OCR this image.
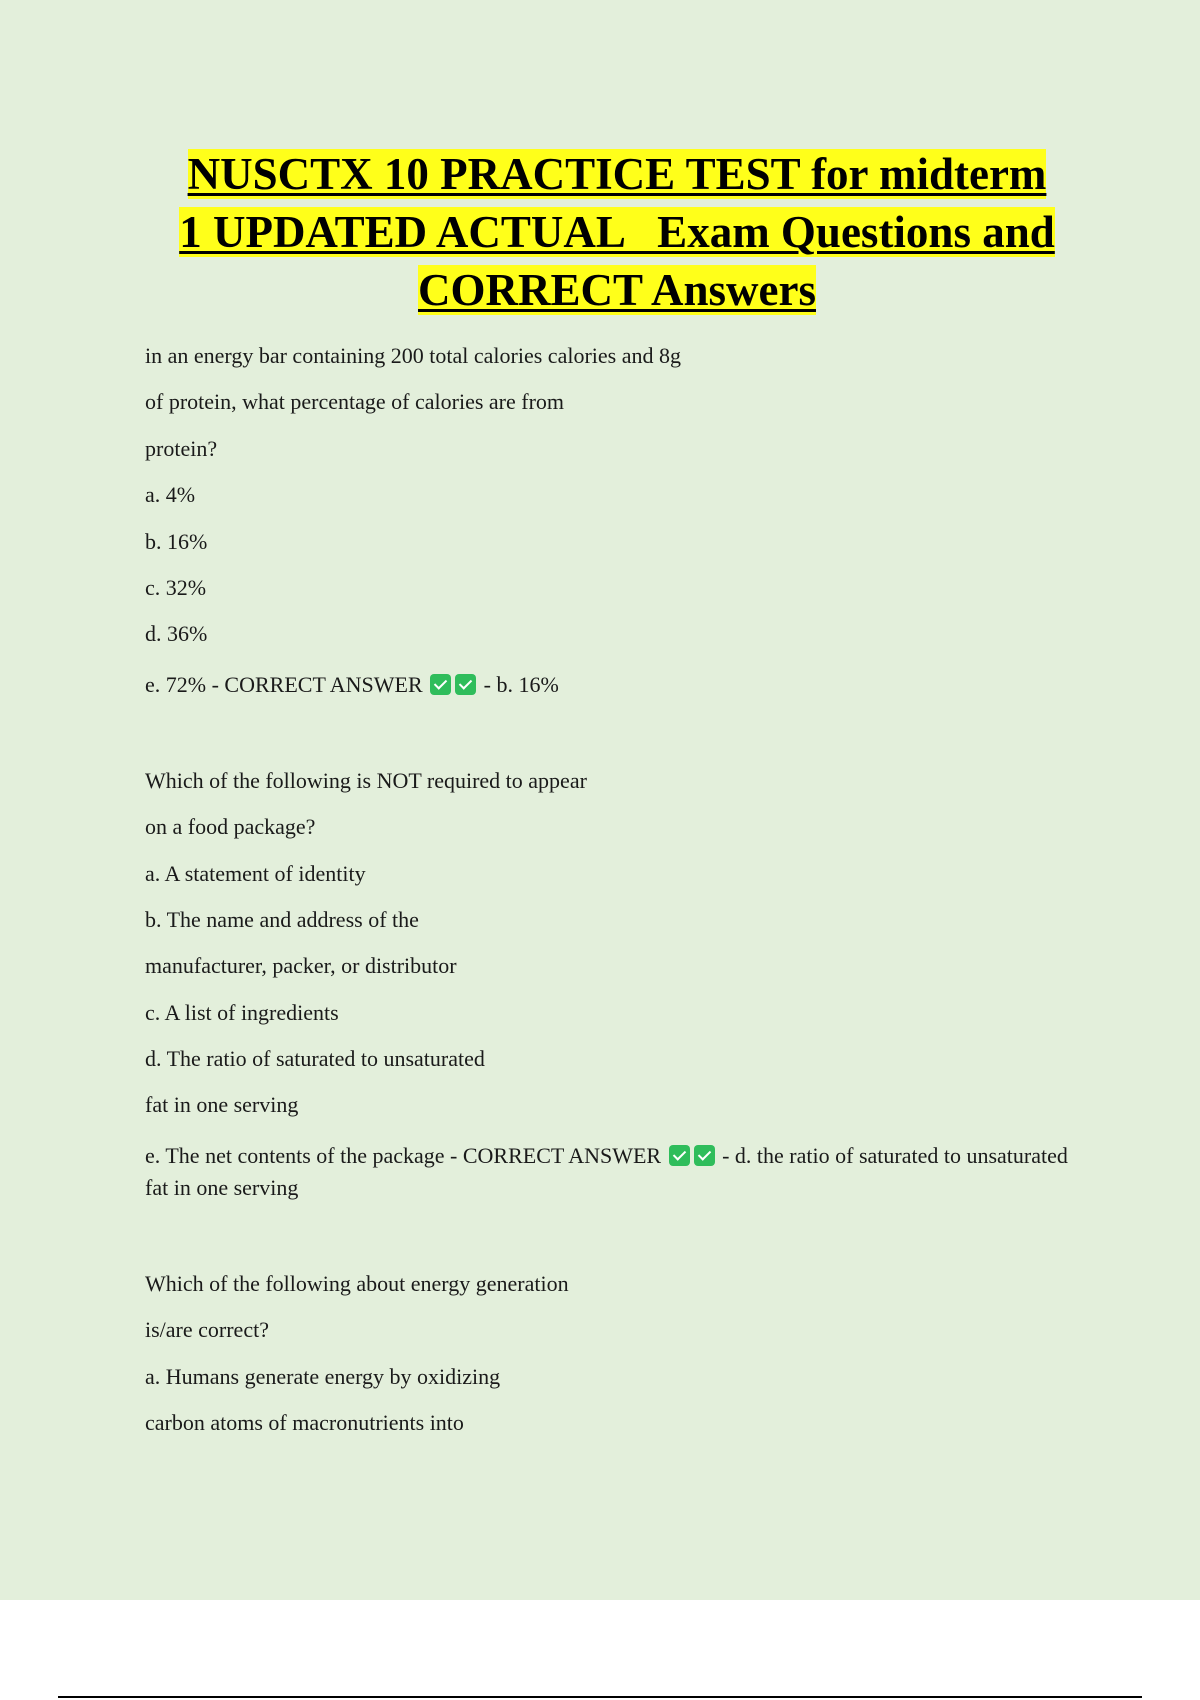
NUSCTX 10 PRACTICE TEST for midterm
1 UPDATED ACTUAL   Exam Questions and
CORRECT Answers
in an energy bar containing 200 total calories calories and 8g
of protein, what percentage of calories are from
protein?
a. 4%
b. 16%
c. 32%
d. 36%
e. 72% - CORRECT ANSWER	- b. 16%
Which of the following is NOT required to appear
on a food package?
a. A statement of identity
b. The name and address of the
manufacturer, packer, or distributor
c. A list of ingredients
d. The ratio of saturated to unsaturated
fat in one serving
e. The net contents of the package - CORRECT ANSWER	- d. the ratio of saturated to unsaturated fat in one serving
Which of the following about energy generation
is/are correct?
a. Humans generate energy by oxidizing
carbon atoms of macronutrients into
